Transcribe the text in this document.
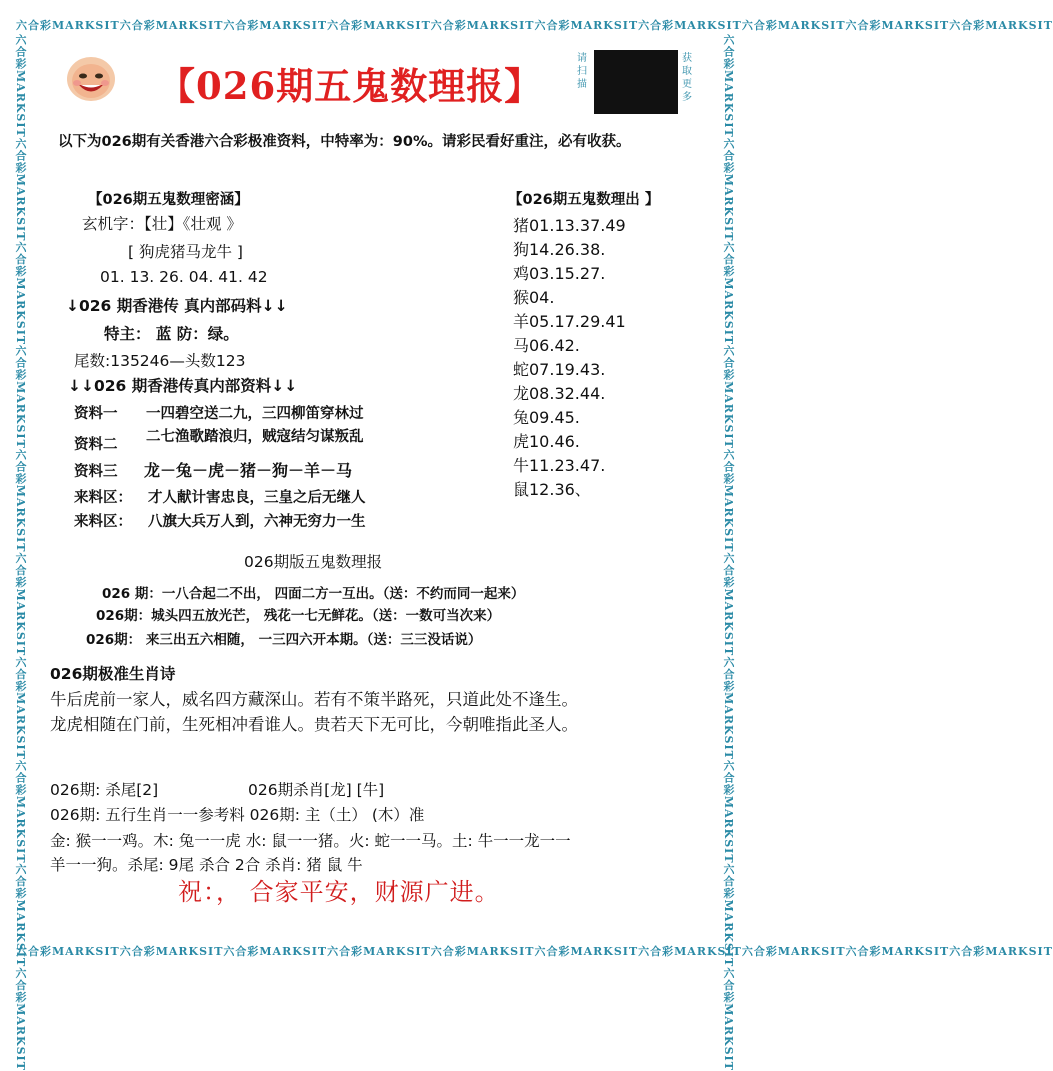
六合彩MARKSIT六合彩MARKSIT六合彩MARKSIT六合彩MARKSIT六合彩MARKSIT六合彩MARKSIT六合彩MARKSIT六合彩MARKSIT六合彩MARKSIT六合彩MARKSIT
六合彩MARKSIT六合彩MARKSIT六合彩MARKSIT六合彩MARKSIT六合彩MARKSIT六合彩MARKSIT六合彩MARKSIT六合彩MARKSIT六合彩MARKSIT六合彩MARKSIT
六合彩MARKSIT六合彩MARKSIT六合彩MARKSIT六合彩MARKSIT六合彩MARKSIT六合彩MARKSIT六合彩MARKSIT六合彩MARKSIT六合彩MARKSIT六合彩MARKSIT	六合彩MARKSIT六合彩MARKSIT六合彩MARKSIT六合彩MARKSIT六合彩MARKSIT六合彩MARKSIT六合彩MARKSIT六合彩MARKSIT六合彩MARKSIT六合彩MARKSIT
【026期五鬼数理报】
请扫描
获取更多
以下为026期有关香港六合彩极准资料，中特率为：90%。请彩民看好重注，必有收获。
【026期五鬼数理密涵】
玄机字：【壮】《壮观 》
[ 狗虎猪马龙牛 ]
01. 13. 26. 04. 41. 42
↓026 期香港传 真内部码料↓↓
特主： 蓝 防：绿。
尾数:135246—头数123
↓↓026 期香港传真内部资料↓↓
资料一 一四碧空送二九，三四柳笛穿林过
二七渔歌踏浪归，贼寇结匀谋叛乱
资料二
资料三 龙－兔－虎－猪－狗－羊－马
来料区： 才人献计害忠良，三皇之后无继人
来料区： 八旗大兵万人到，六神无穷力一生
【026期五鬼数理出 】
猪01.13.37.49
狗14.26.38.
鸡03.15.27.
猴04.
羊05.17.29.41
马06.42.
蛇07.19.43.
龙08.32.44.
兔09.45.
虎10.46.
牛11.23.47.
鼠12.36、
026期版五鬼数理报
026 期：一八合起二不出， 四面二方一互出。（送：不约而同一起来）
026期：城头四五放光芒， 残花一七无鲜花。（送：一数可当次来）
026期： 来三出五六相随， 一三四六开本期。（送：三三没话说）
026期极准生肖诗
牛后虎前一家人，威名四方藏深山。若有不策半路死，只道此处不逢生。
龙虎相随在门前，生死相冲看谁人。贵若天下无可比，今朝唯指此圣人。
026期: 杀尾[2]	026期杀肖[龙] [牛]
026期: 五行生肖一一参考料 026期: 主（土） (木）准
金: 猴一一鸡。木: 兔一一虎 水: 鼠一一猪。火: 蛇一一马。土: 牛一一龙一一
羊一一狗。杀尾: 9尾 杀合 2合 杀肖: 猪 鼠 牛
祝：， 合家平安，财源广进。
